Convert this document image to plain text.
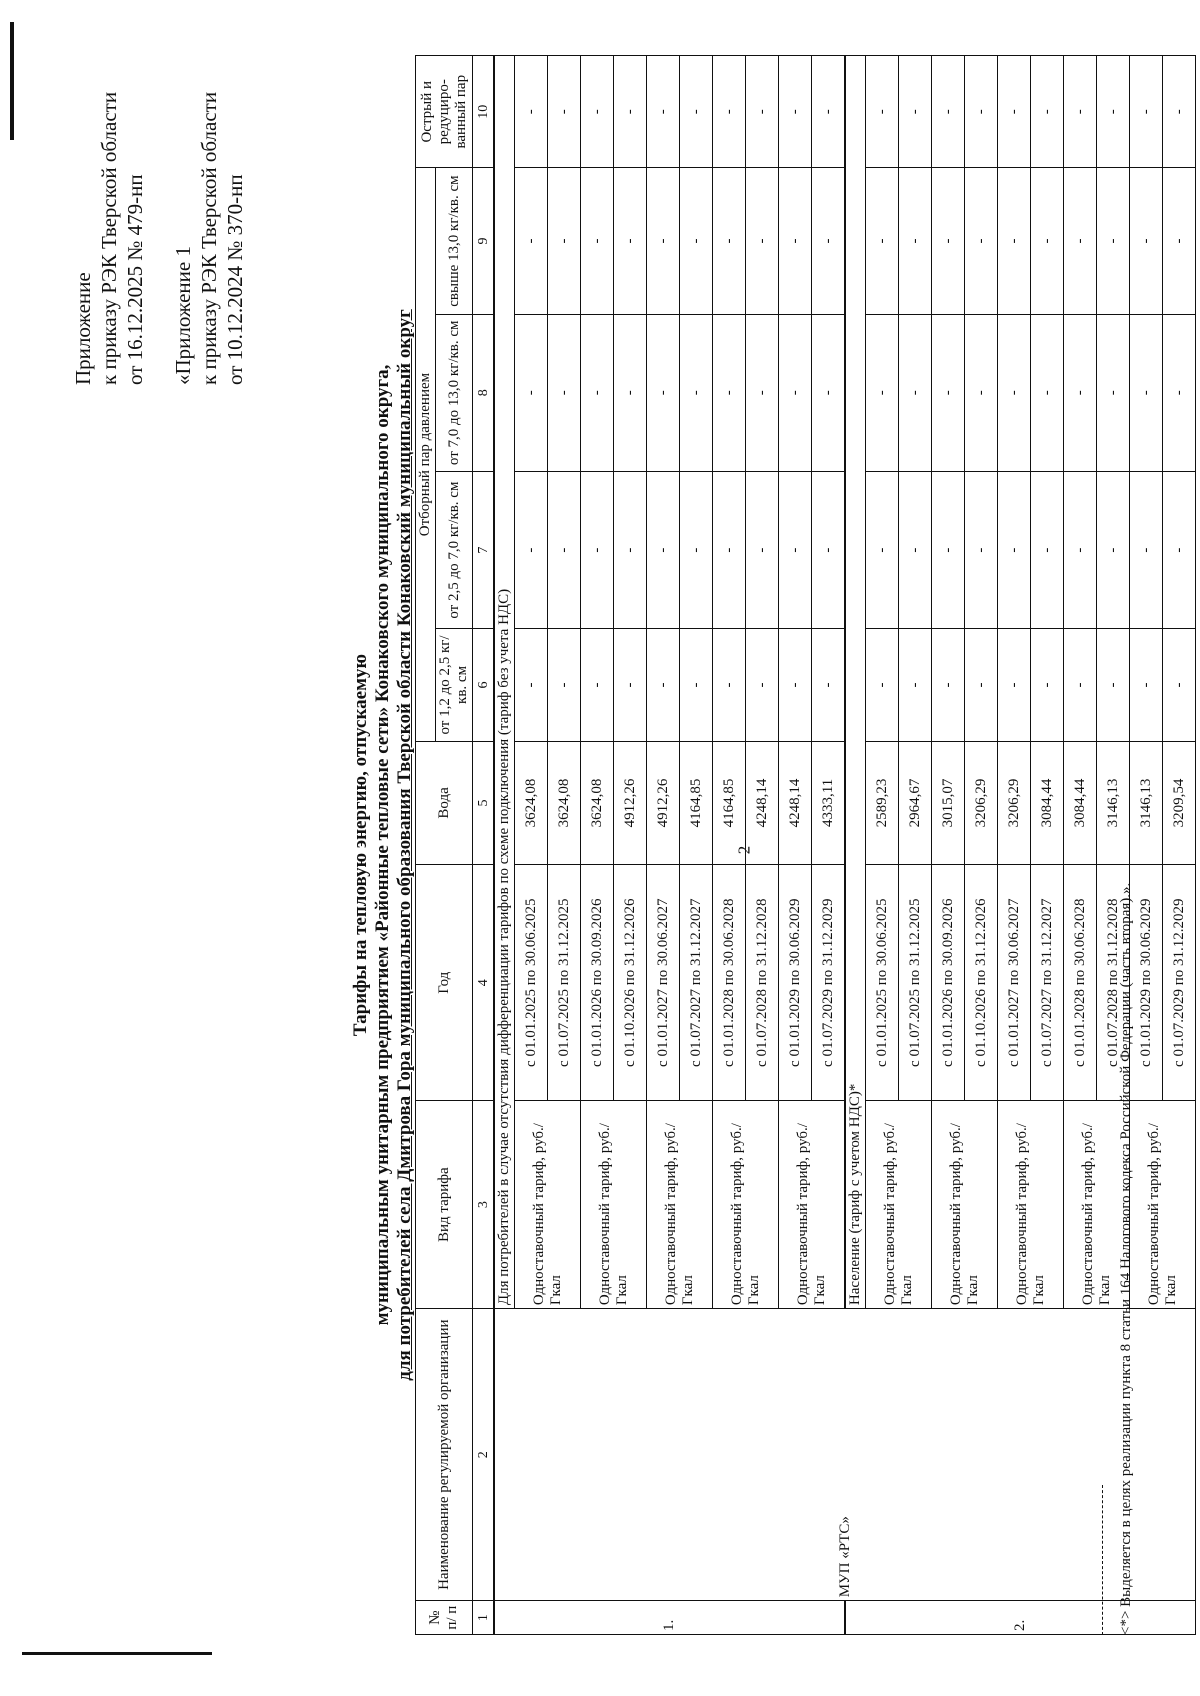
2
Приложение к приказу РЭК Тверской области от 16.12.2025 № 479-нп «Приложение 1 к приказу РЭК Тверской области от 10.12.2024 № 370-нп
Тарифы на тепловую энергию, отпускаемую муниципальным унитарным предприятием «Районные тепловые сети» Конаковского муниципального округа, для потребителей села Дмитрова Гора муниципального образования Тверской области Конаковский муниципальный округ
№ п/ п	Наименование регулируемой организации	Вид тарифа	Год	Вода	Отборный пар давлением				Острый и редуциро-ванный пар
					от 1,2 до 2,5 кг/кв. см	от 2,5 до 7,0 кг/кв. см	от 7,0 до 13,0 кг/кв. см	свыше 13,0 кг/кв. см	
1	2	3	4	5	6	7	8	9	10
1.	МУП «РТС»	Для потребителей в случае отсутствия дифференциации тарифов по схеме подключения (тариф без учета НДС)							
		Одноставочный тариф, руб./Гкал	с 01.01.2025 по 30.06.2025	3624,08	-	-	-	-	-
			с 01.07.2025 по 31.12.2025	3624,08	-	-	-	-	-
		Одноставочный тариф, руб./Гкал	с 01.01.2026 по 30.09.2026	3624,08	-	-	-	-	-
			с 01.10.2026 по 31.12.2026	4912,26	-	-	-	-	-
		Одноставочный тариф, руб./Гкал	с 01.01.2027 по 30.06.2027	4912,26	-	-	-	-	-
			с 01.07.2027 по 31.12.2027	4164,85	-	-	-	-	-
		Одноставочный тариф, руб./Гкал	с 01.01.2028 по 30.06.2028	4164,85	-	-	-	-	-
			с 01.07.2028 по 31.12.2028	4248,14	-	-	-	-	-
		Одноставочный тариф, руб./Гкал	с 01.01.2029 по 30.06.2029	4248,14	-	-	-	-	-
			с 01.07.2029 по 31.12.2029	4333,11	-	-	-	-	-
2.		Население (тариф с учетом НДС)*							
		Одноставочный тариф, руб./Гкал	с 01.01.2025 по 30.06.2025	2589,23	-	-	-	-	-
			с 01.07.2025 по 31.12.2025	2964,67	-	-	-	-	-
		Одноставочный тариф, руб./Гкал	с 01.01.2026 по 30.09.2026	3015,07	-	-	-	-	-
			с 01.10.2026 по 31.12.2026	3206,29	-	-	-	-	-
		Одноставочный тариф, руб./Гкал	с 01.01.2027 по 30.06.2027	3206,29	-	-	-	-	-
			с 01.07.2027 по 31.12.2027	3084,44	-	-	-	-	-
		Одноставочный тариф, руб./Гкал	с 01.01.2028 по 30.06.2028	3084,44	-	-	-	-	-
			с 01.07.2028 по 31.12.2028	3146,13	-	-	-	-	-
		Одноставочный тариф, руб./Гкал	с 01.01.2029 по 30.06.2029	3146,13	-	-	-	-	-
			с 01.07.2029 по 31.12.2029	3209,54	-	-	-	-	-
<*> Выделяется в целях реализации пункта 8 статьи 164 Налогового кодекса Российской Федерации (часть вторая).».
